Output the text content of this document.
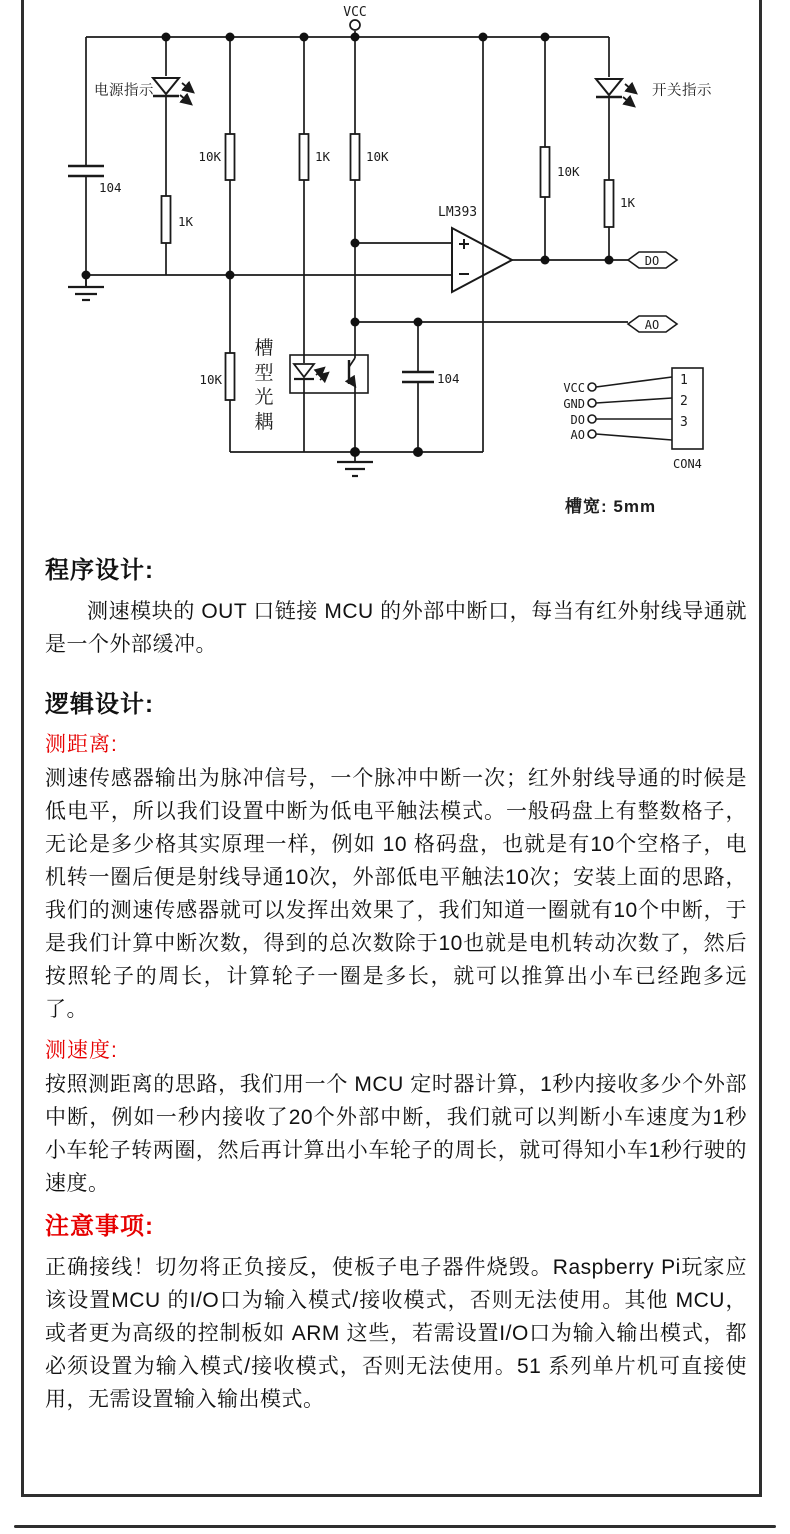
VCC
电源指示
104
1K
10K	1K	10K
10K
1K
10K
LM393
开关指示
DO
AO
槽
型
光
耦
104
VCC
GND
DO
AO
1
2
3
CON4
槽宽: 5mm
程序设计:

测速模块的 OUT 口链接 MCU 的外部中断口，每当有红外射线导通就是一个外部缓冲。

逻辑设计:
测距离:

测速传感器输出为脉冲信号，一个脉冲中断一次；红外射线导通的时候是低电平，所以我们设置中断为低电平触法模式。一般码盘上有整数格子，无论是多少格其实原理一样，例如 10 格码盘，也就是有10个空格子，电机转一圈后便是射线导通10次，外部低电平触法10次；安装上面的思路，我们的测速传感器就可以发挥出效果了，我们知道一圈就有10个中断，于是我们计算中断次数，得到的总次数除于10也就是电机转动次数了，然后按照轮子的周长，计算轮子一圈是多长，就可以推算出小车已经跑多远了。

测速度:

按照测距离的思路，我们用一个 MCU 定时器计算，1秒内接收多少个外部中断，例如一秒内接收了20个外部中断，我们就可以判断小车速度为1秒小车轮子转两圈，然后再计算出小车轮子的周长，就可得知小车1秒行驶的速度。

注意事项:

正确接线！切勿将正负接反，使板子电子器件烧毁。Raspberry Pi玩家应该设置MCU 的I/O口为输入模式/接收模式，否则无法使用。其他 MCU，或者更为高级的控制板如 ARM 这些，若需设置I/O口为输入输出模式，都必须设置为输入模式/接收模式，否则无法使用。51 系列单片机可直接使用，无需设置输入输出模式。
